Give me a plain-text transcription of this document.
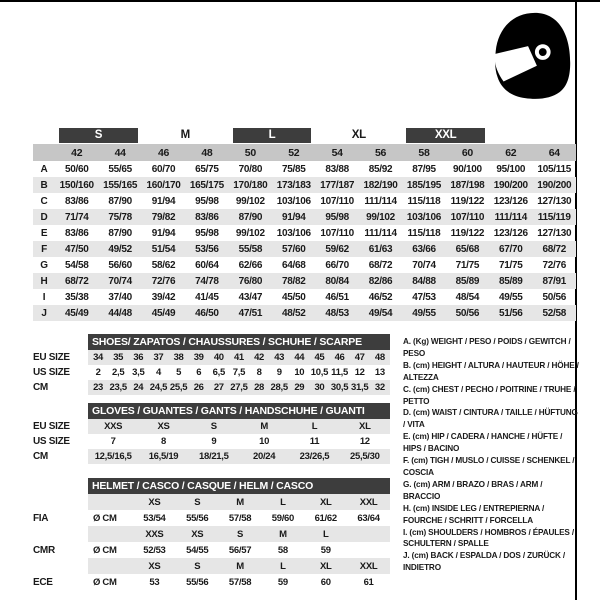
	S		M		L		XL		XXL			

	42	44	46	48	50	52	54	56	58	60	62	64
A	50/60	55/65	60/70	65/75	70/80	75/85	83/88	85/92	87/95	90/100	95/100	105/115
B	150/160	155/165	160/170	165/175	170/180	173/183	177/187	182/190	185/195	187/198	190/200	190/200
C	83/86	87/90	91/94	95/98	99/102	103/106	107/110	111/114	115/118	119/122	123/126	127/130
D	71/74	75/78	79/82	83/86	87/90	91/94	95/98	99/102	103/106	107/110	111/114	115/119
E	83/86	87/90	91/94	95/98	99/102	103/106	107/110	111/114	115/118	119/122	123/126	127/130
F	47/50	49/52	51/54	53/56	55/58	57/60	59/62	61/63	63/66	65/68	67/70	68/72
G	54/58	56/60	58/62	60/64	62/66	64/68	66/70	68/72	70/74	71/75	71/75	72/76
H	68/72	70/74	72/76	74/78	76/80	78/82	80/84	82/86	84/88	85/89	85/89	87/91
I	35/38	37/40	39/42	41/45	43/47	45/50	46/51	46/52	47/53	48/54	49/55	50/56
J	45/49	44/48	45/49	46/50	47/51	48/52	48/53	49/54	49/55	50/56	51/56	52/58
	SHOES/ ZAPATOS / CHAUSSURES / SCHUHE / SCARPE														
EU SIZE	34	35	36	37	38	39	40	41	42	43	44	45	46	47	48
US SIZE	2	2,5	3,5	4	5	6	6,5	7,5	8	9	10	10,5	11,5	12	13
CM	23	23,5	24	24,5	25,5	26	27	27,5	28	28,5	29	30	30,5	31,5	32
	GLOVES / GUANTES / GANTS / HANDSCHUHE / GUANTI					
EU SIZE	XXS	XS	S	M	L	XL
US SIZE	7	8	9	10	11	12
CM	12,5/16,5	16,5/19	18/21,5	20/24	23/26,5	25,5/30
	HELMET / CASCO / CASQUE / HELM / CASCO						
		XS	S	M	L	XL	XXL
FIA	Ø CM	53/54	55/56	57/58	59/60	61/62	63/64
		XXS	XS	S	M	L	
CMR	Ø CM	52/53	54/55	56/57	58	59	
		XS	S	M	L	XL	XXL
ECE	Ø CM	53	55/56	57/58	59	60	61
A. (Kg) WEIGHT / PESO / POIDS / GEWITCH / PESO
B. (cm) HEIGHT / ALTURA / HAUTEUR / HÖHE / ALTEZZA
C. (cm) CHEST / PECHO / POITRINE / TRUHE / PETTO
D. (cm) WAIST / CINTURA / TAILLE / HÜFTUNG / VITA
E. (cm) HIP / CADERA / HANCHE / HÜFTE / HIPS / BACINO
F. (cm) TIGH / MUSLO / CUISSE / SCHENKEL / COSCIA
G. (cm) ARM / BRAZO / BRAS / ARM / BRACCIO
H. (cm) INSIDE LEG / ENTREPIERNA / FOURCHE / SCHRITT / FORCELLA
I. (cm) SHOULDERS / HOMBROS / ÉPAULES / SCHULTERN / SPALLE
J. (cm) BACK / ESPALDA / DOS / ZURÜCK / INDIETRO
